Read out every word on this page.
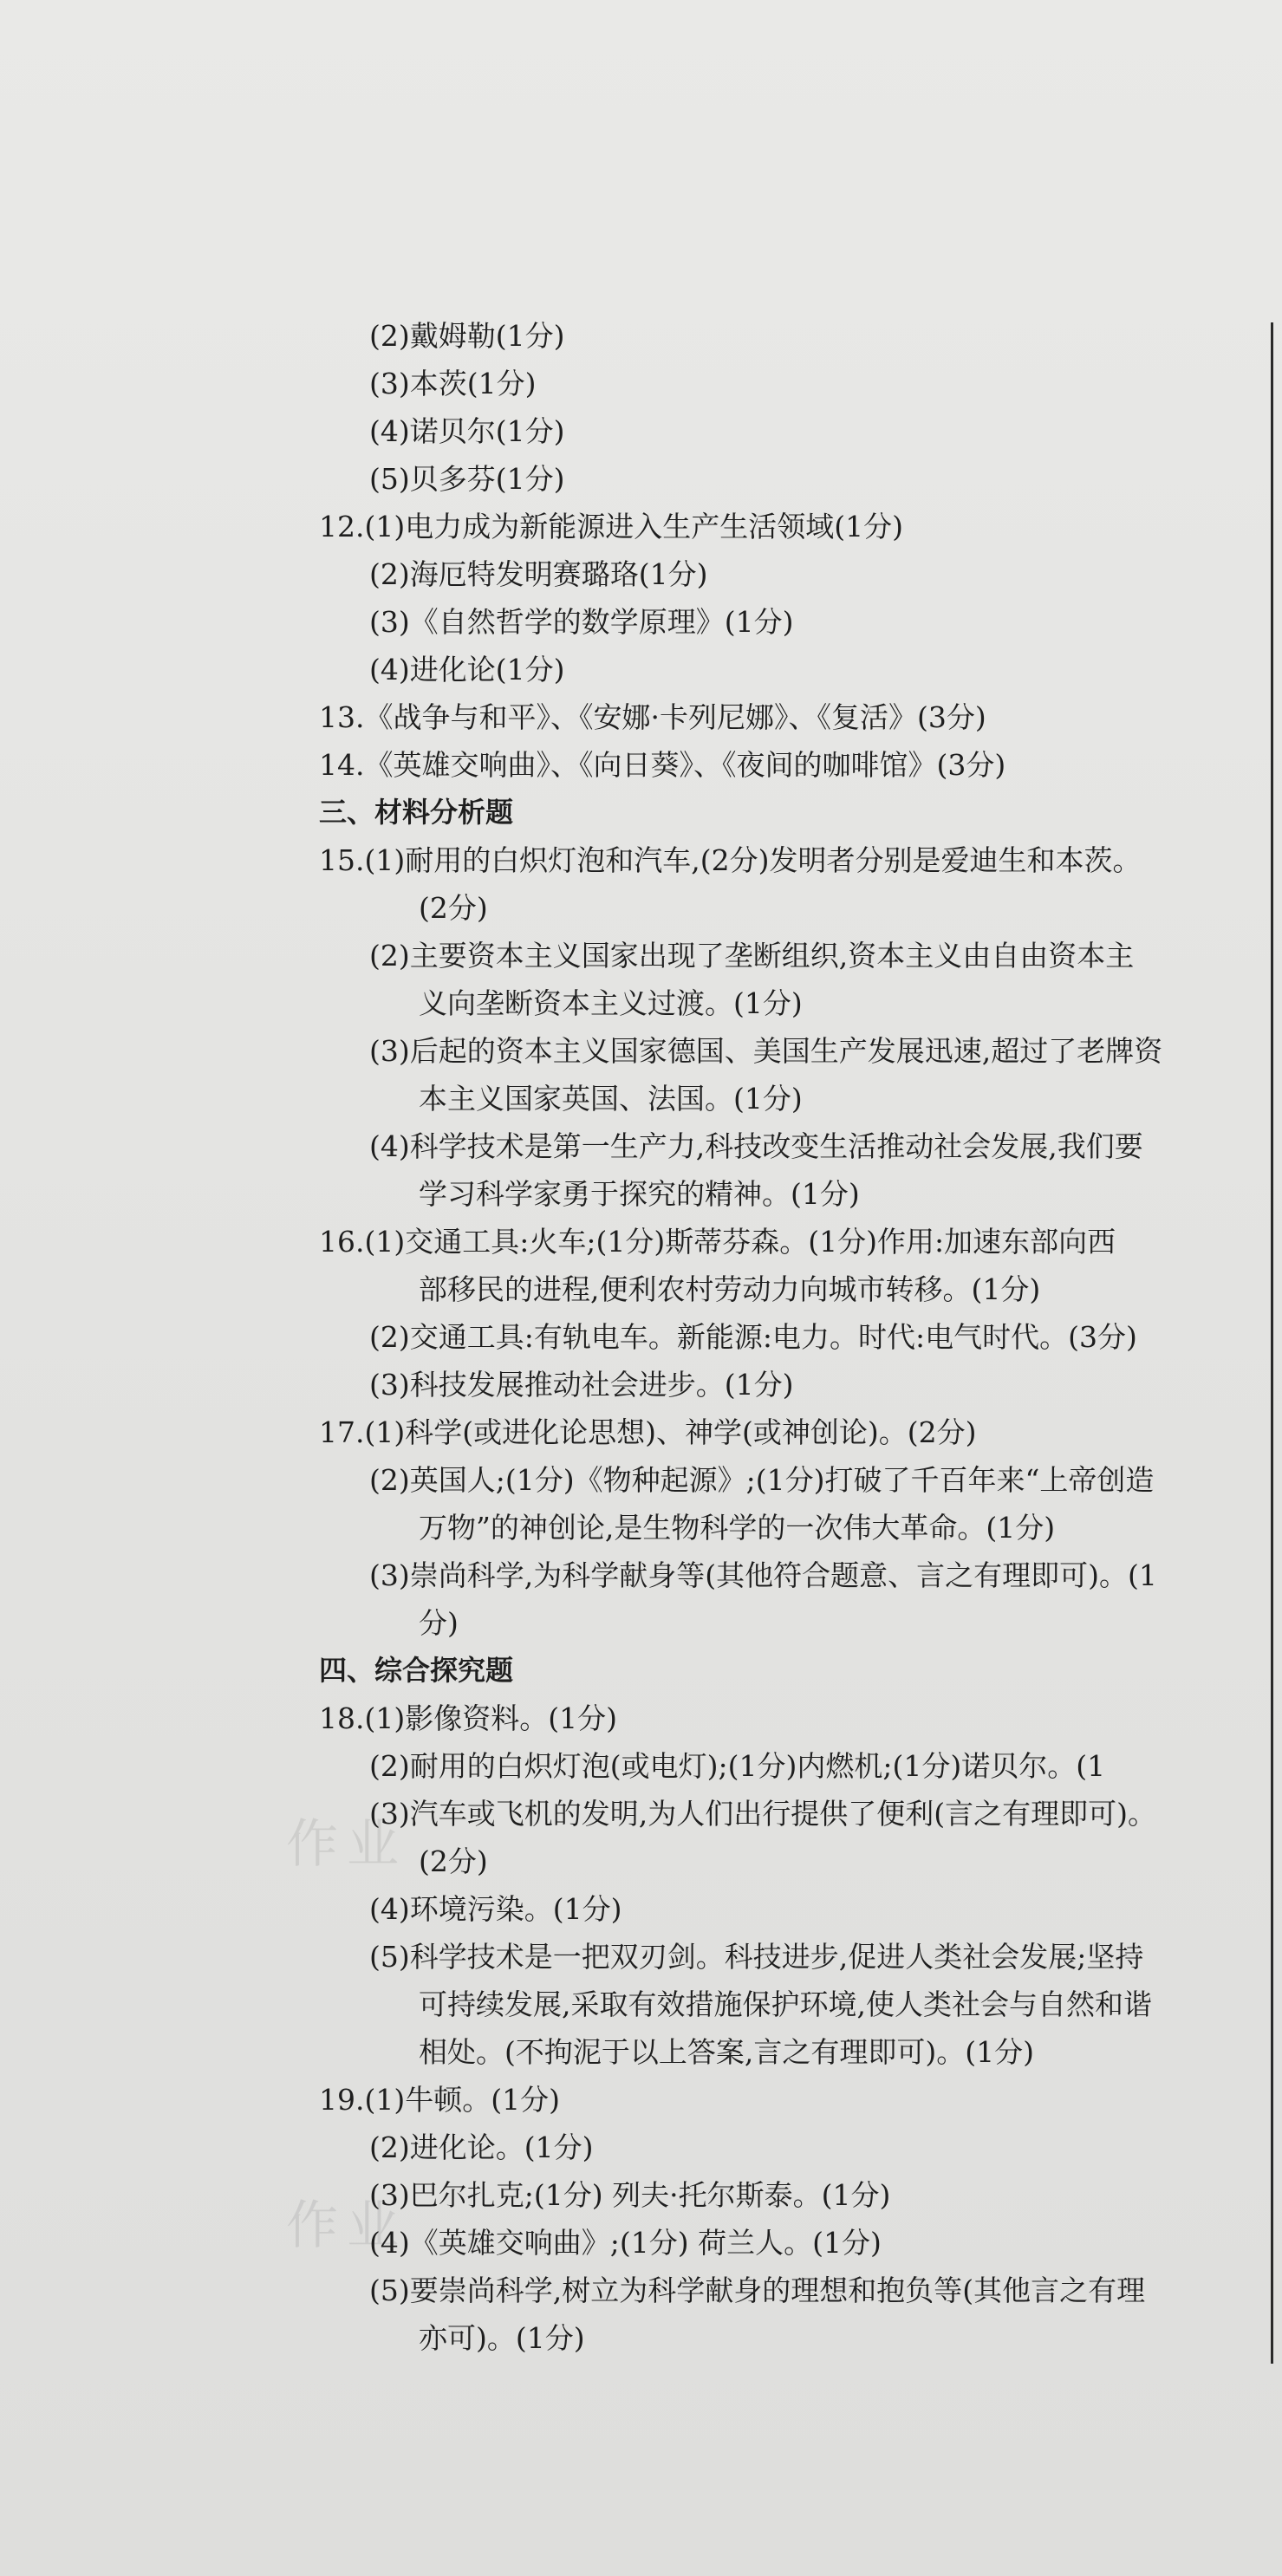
作业
作业
(2)戴姆勒(1分)
(3)本茨(1分)
(4)诺贝尔(1分)
(5)贝多芬(1分)
12.(1)电力成为新能源进入生产生活领域(1分)
(2)海厄特发明赛璐珞(1分)
(3)《自然哲学的数学原理》(1分)
(4)进化论(1分)
13.《战争与和平》、《安娜·卡列尼娜》、《复活》(3分)
14.《英雄交响曲》、《向日葵》、《夜间的咖啡馆》(3分)
三、材料分析题
15.(1)耐用的白炽灯泡和汽车,(2分)发明者分别是爱迪生和本茨。
(2分)
(2)主要资本主义国家出现了垄断组织,资本主义由自由资本主
义向垄断资本主义过渡。(1分)
(3)后起的资本主义国家德国、美国生产发展迅速,超过了老牌资
本主义国家英国、法国。(1分)
(4)科学技术是第一生产力,科技改变生活推动社会发展,我们要
学习科学家勇于探究的精神。(1分)
16.(1)交通工具:火车;(1分)斯蒂芬森。(1分)作用:加速东部向西
部移民的进程,便利农村劳动力向城市转移。(1分)
(2)交通工具:有轨电车。新能源:电力。时代:电气时代。(3分)
(3)科技发展推动社会进步。(1分)
17.(1)科学(或进化论思想)、神学(或神创论)。(2分)
(2)英国人;(1分)《物种起源》;(1分)打破了千百年来“上帝创造
万物”的神创论,是生物科学的一次伟大革命。(1分)
(3)崇尚科学,为科学献身等(其他符合题意、言之有理即可)。(1
分)
四、综合探究题
18.(1)影像资料。(1分)
(2)耐用的白炽灯泡(或电灯);(1分)内燃机;(1分)诺贝尔。(1
(3)汽车或飞机的发明,为人们出行提供了便利(言之有理即可)。
(2分)
(4)环境污染。(1分)
(5)科学技术是一把双刃剑。科技进步,促进人类社会发展;坚持
可持续发展,采取有效措施保护环境,使人类社会与自然和谐
相处。(不拘泥于以上答案,言之有理即可)。(1分)
19.(1)牛顿。(1分)
(2)进化论。(1分)
(3)巴尔扎克;(1分) 列夫·托尔斯泰。(1分)
(4)《英雄交响曲》;(1分) 荷兰人。(1分)
(5)要崇尚科学,树立为科学献身的理想和抱负等(其他言之有理
亦可)。(1分)
